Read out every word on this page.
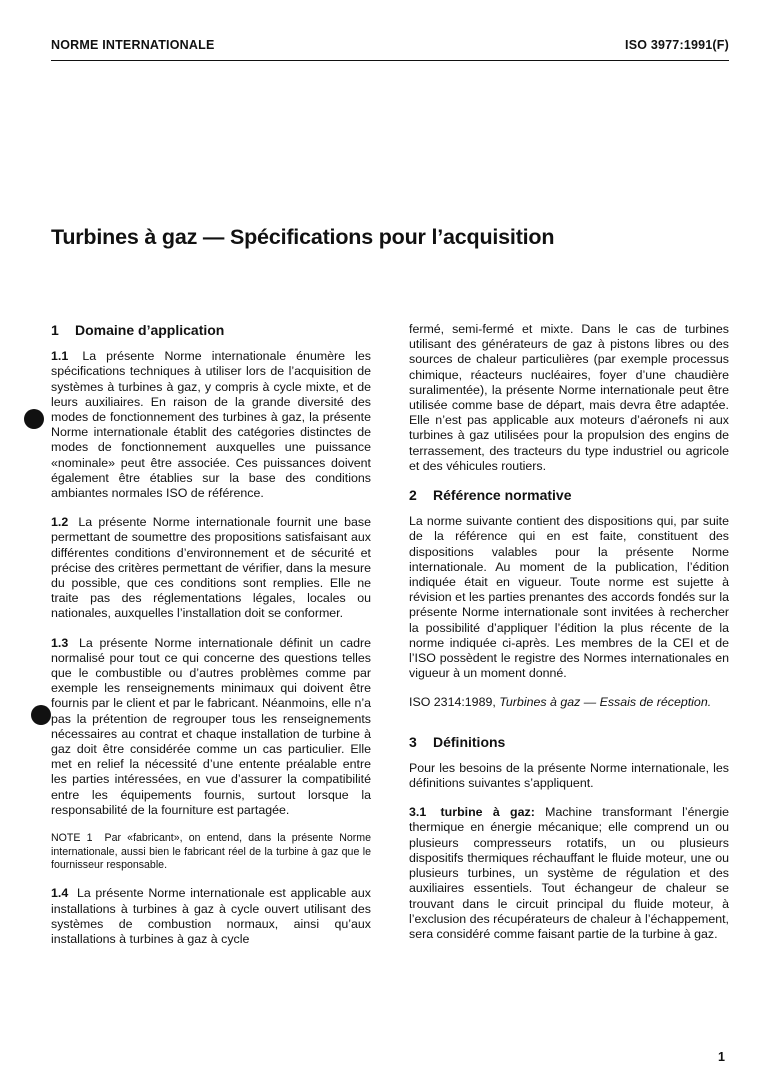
NORME INTERNATIONALE	ISO 3977:1991(F)
Turbines à gaz — Spécifications pour l’acquisition
1 Domaine d’application

1.1 La présente Norme internationale énumère les spécifications techniques à utiliser lors de l’acquisition de systèmes à turbines à gaz, y compris à cycle mixte, et de leurs auxiliaires. En raison de la grande diversité des modes de fonctionnement des turbines à gaz, la présente Norme internationale établit des catégories distinctes de modes de fonctionnement auxquelles une puissance «nominale» peut être associée. Ces puissances doivent également être établies sur la base des conditions ambiantes normales ISO de référence.

1.2 La présente Norme internationale fournit une base permettant de soumettre des propositions satisfaisant aux différentes conditions d’environnement et de sécurité et précise des critères permettant de vérifier, dans la mesure du possible, que ces conditions sont remplies. Elle ne traite pas des réglementations légales, locales ou nationales, auxquelles l’installation doit se conformer.

1.3 La présente Norme internationale définit un cadre normalisé pour tout ce qui concerne des questions telles que le combustible ou d’autres problèmes comme par exemple les renseignements minimaux qui doivent être fournis par le client et par le fabricant. Néanmoins, elle n’a pas la prétention de regrouper tous les renseignements nécessaires au contrat et chaque installation de turbine à gaz doit être considérée comme un cas particulier. Elle met en relief la nécessité d’une entente préalable entre les parties intéressées, en vue d’assurer la compatibilité entre les équipements fournis, surtout lorsque la responsabilité de la fourniture est partagée.

NOTE 1 Par «fabricant», on entend, dans la présente Norme internationale, aussi bien le fabricant réel de la turbine à gaz que le fournisseur responsable.

1.4 La présente Norme internationale est applicable aux installations à turbines à gaz à cycle ouvert utilisant des systèmes de combustion normaux, ainsi qu’aux installations à turbines à gaz à cycle

fermé, semi-fermé et mixte. Dans le cas de turbines utilisant des générateurs de gaz à pistons libres ou des sources de chaleur particulières (par exemple processus chimique, réacteurs nucléaires, foyer d’une chaudière suralimentée), la présente Norme internationale peut être utilisée comme base de départ, mais devra être adaptée. Elle n’est pas applicable aux moteurs d’aéronefs ni aux turbines à gaz utilisées pour la propulsion des engins de terrassement, des tracteurs du type industriel ou agricole et des véhicules routiers.

2 Référence normative

La norme suivante contient des dispositions qui, par suite de la référence qui en est faite, constituent des dispositions valables pour la présente Norme internationale. Au moment de la publication, l’édition indiquée était en vigueur. Toute norme est sujette à révision et les parties prenantes des accords fondés sur la présente Norme internationale sont invitées à rechercher la possibilité d’appliquer l’édition la plus récente de la norme indiquée ci-après. Les membres de la CEI et de l’ISO possèdent le registre des Normes internationales en vigueur à un moment donné.

ISO 2314:1989, Turbines à gaz — Essais de réception.

3 Définitions

Pour les besoins de la présente Norme internationale, les définitions suivantes s’appliquent.

3.1 turbine à gaz: Machine transformant l’énergie thermique en énergie mécanique; elle comprend un ou plusieurs compresseurs rotatifs, un ou plusieurs dispositifs thermiques réchauffant le fluide moteur, une ou plusieurs turbines, un système de régulation et des auxiliaires essentiels. Tout échangeur de chaleur se trouvant dans le circuit principal du fluide moteur, à l’exclusion des récupérateurs de chaleur à l’échappement, sera considéré comme faisant partie de la turbine à gaz.

1
